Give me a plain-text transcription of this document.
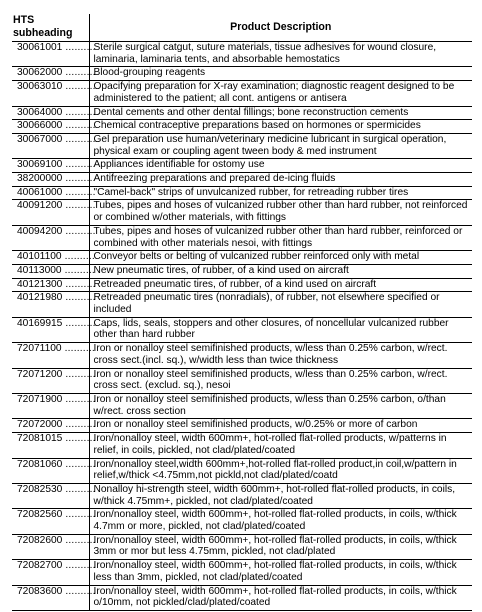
HTS subheading	Product Description
30061001 ..........	Sterile surgical catgut, suture materials, tissue adhesives for wound closure, laminaria, laminaria tents, and absorbable hemostatics
30062000 ..........	Blood-grouping reagents
30063010 ..........	Opacifying preparation for X-ray examination; diagnostic reagent designed to be administered to the patient; all cont. antigens or antisera
30064000 ..........	Dental cements and other dental fillings; bone reconstruction cements
30066000 ..........	Chemical contraceptive preparations based on hormones or spermicides
30067000 ..........	Gel preparation use human/veterinary medicine lubricant in surgical operation, physical exam or coupling agent tween body & med instrument
30069100 ..........	Appliances identifiable for ostomy use
38200000 ..........	Antifreezing preparations and prepared de-icing fluids
40061000 ..........	"Camel-back" strips of unvulcanized rubber, for retreading rubber tires
40091200 ..........	Tubes, pipes and hoses of vulcanized rubber other than hard rubber, not reinforced or combined w/other materials, with fittings
40094200 ..........	Tubes, pipes and hoses of vulcanized rubber other than hard rubber, reinforced or combined with other materials nesoi, with fittings
40101100 ..........	Conveyor belts or belting of vulcanized rubber reinforced only with metal
40113000 ..........	New pneumatic tires, of rubber, of a kind used on aircraft
40121300 ..........	Retreaded pneumatic tires, of rubber, of a kind used on aircraft
40121980 ..........	Retreaded pneumatic tires (nonradials), of rubber, not elsewhere specified or included
40169915 ..........	Caps, lids, seals, stoppers and other closures, of noncellular vulcanized rubber other than hard rubber
72071100 ..........	Iron or nonalloy steel semifinished products, w/less than 0.25% carbon, w/rect. cross sect.(incl. sq.), w/width less than twice thickness
72071200 ..........	Iron or nonalloy steel semifinished products, w/less than 0.25% carbon, w/rect. cross sect. (exclud. sq.), nesoi
72071900 ..........	Iron or nonalloy steel semifinished products, w/less than 0.25% carbon, o/than w/rect. cross section
72072000 ..........	Iron or nonalloy steel semifinished products, w/0.25% or more of carbon
72081015 ..........	Iron/nonalloy steel, width 600mm+, hot-rolled flat-rolled products, w/patterns in relief, in coils, pickled, not clad/plated/coated
72081060 ..........	Iron/nonalloy steel,width 600mm+,hot-rolled flat-rolled product,in coil,w/pattern in relief,w/thick <4.75mm,not pickld,not clad/plated/coatd
72082530 ..........	Nonalloy hi-strength steel, width 600mm+, hot-rolled flat-rolled products, in coils, w/thick 4.75mm+, pickled, not clad/plated/coated
72082560 ..........	Iron/nonalloy steel, width 600mm+, hot-rolled flat-rolled products, in coils, w/thick 4.7mm or more, pickled, not clad/plated/coated
72082600 ..........	Iron/nonalloy steel, width 600mm+, hot-rolled flat-rolled products, in coils, w/thick 3mm or mor but less 4.75mm, pickled, not clad/plated
72082700 ..........	Iron/nonalloy steel, width 600mm+, hot-rolled flat-rolled products, in coils, w/thick less than 3mm, pickled, not clad/plated/coated
72083600 ..........	Iron/nonalloy steel, width 600mm+, hot-rolled flat-rolled products, in coils, w/thick o/10mm, not pickled/clad/plated/coated
